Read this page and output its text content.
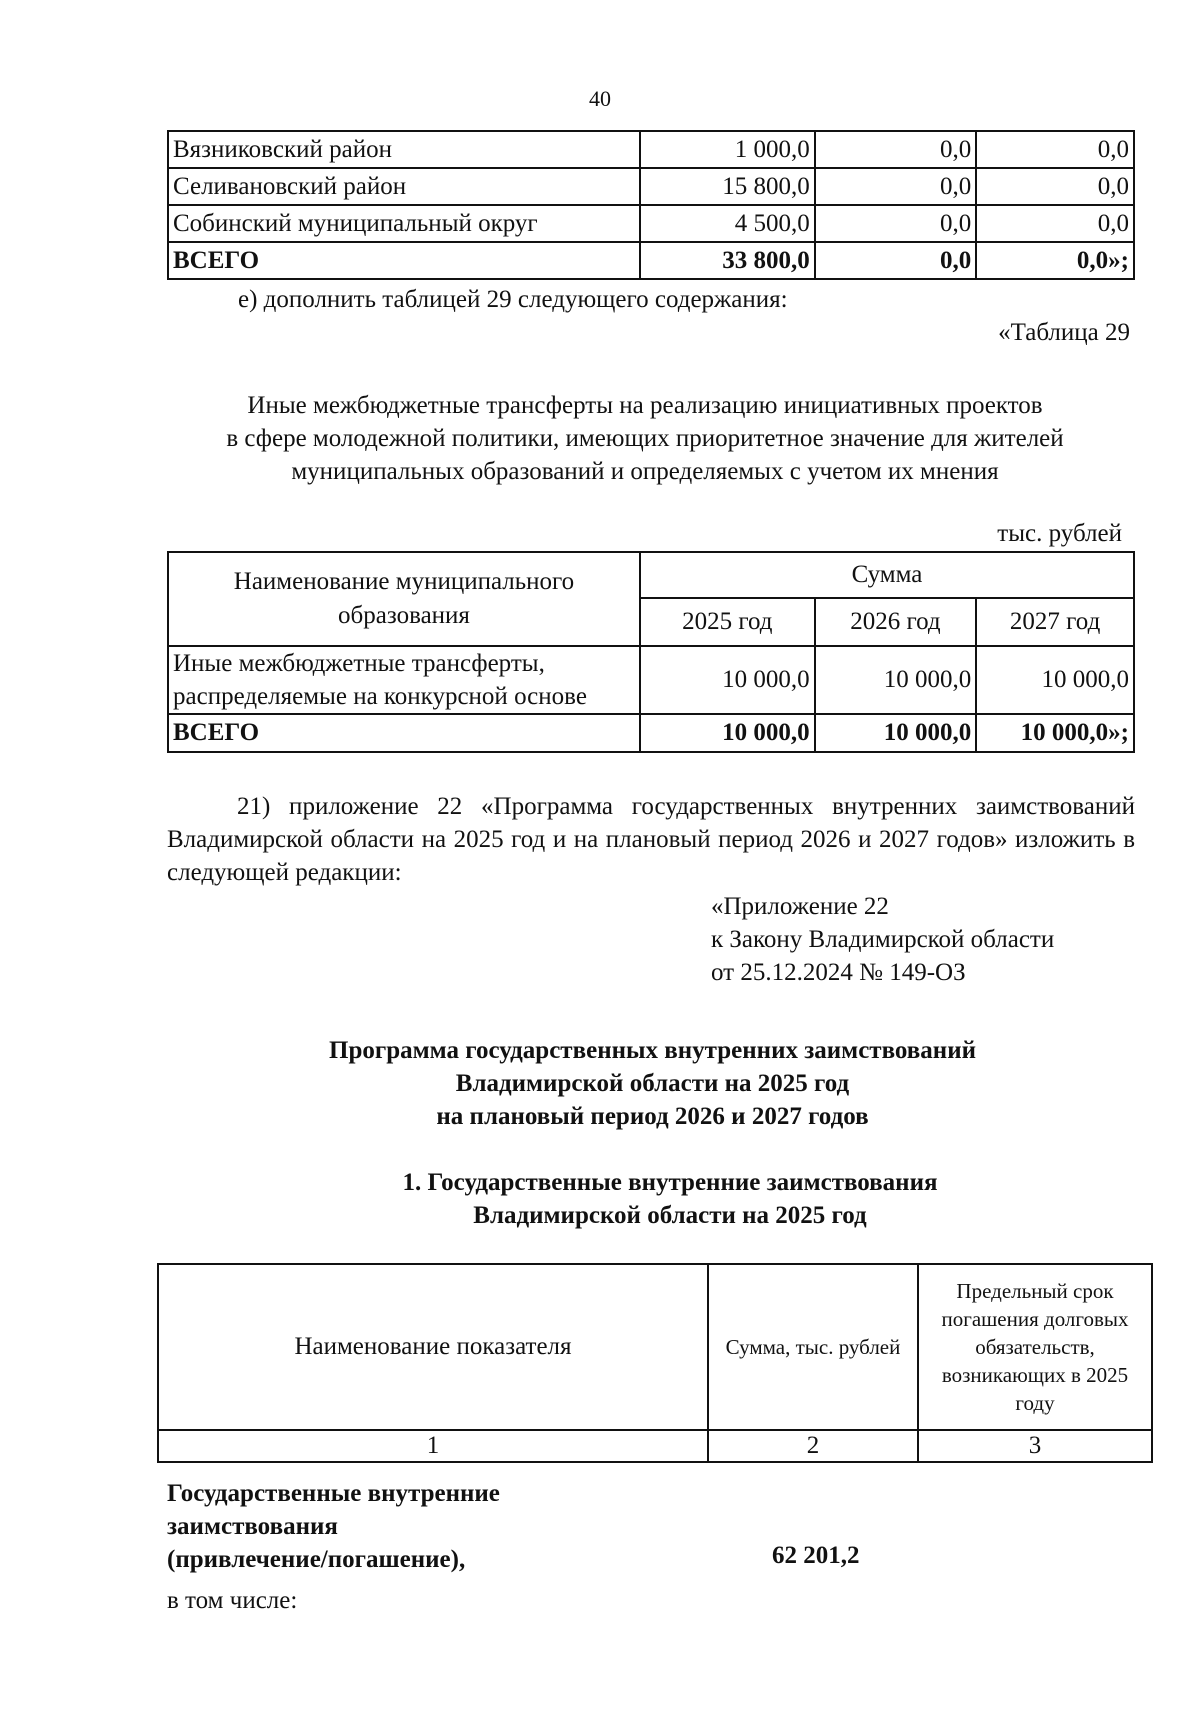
40
Вязниковский район	1 000,0	0,0	0,0
Селивановский район	15 800,0	0,0	0,0
Собинский муниципальный округ	4 500,0	0,0	0,0
ВСЕГО	33 800,0	0,0	0,0»;
е) дополнить таблицей 29 следующего содержания:
«Таблица 29
Иные межбюджетные трансферты на реализацию инициативных проектов
в сфере молодежной политики, имеющих приоритетное значение для жителей
муниципальных образований и определяемых с учетом их мнения
тыс. рублей
Наименование муниципального образования	Сумма		
	2025 год	2026 год	2027 год
Иные межбюджетные трансферты, распределяемые на конкурсной основе	10 000,0	10 000,0	10 000,0
ВСЕГО	10 000,0	10 000,0	10 000,0»;
21) приложение 22 «Программа государственных внутренних заимствований Владимирской области на 2025 год и на плановый период 2026 и 2027 годов» изложить в следующей редакции:
«Приложение 22
к Закону Владимирской области
от 25.12.2024 № 149-ОЗ
Программа государственных внутренних заимствований
Владимирской области на 2025 год
на плановый период 2026 и 2027 годов
1. Государственные внутренние заимствования
Владимирской области на 2025 год
Наименование показателя	Сумма, тыс. рублей	Предельный срок погашения долговых обязательств, возникающих в 2025 году
1	2	3
Государственные внутренние
заимствования
(привлечение/погашение),	62 201,2
в том числе:
